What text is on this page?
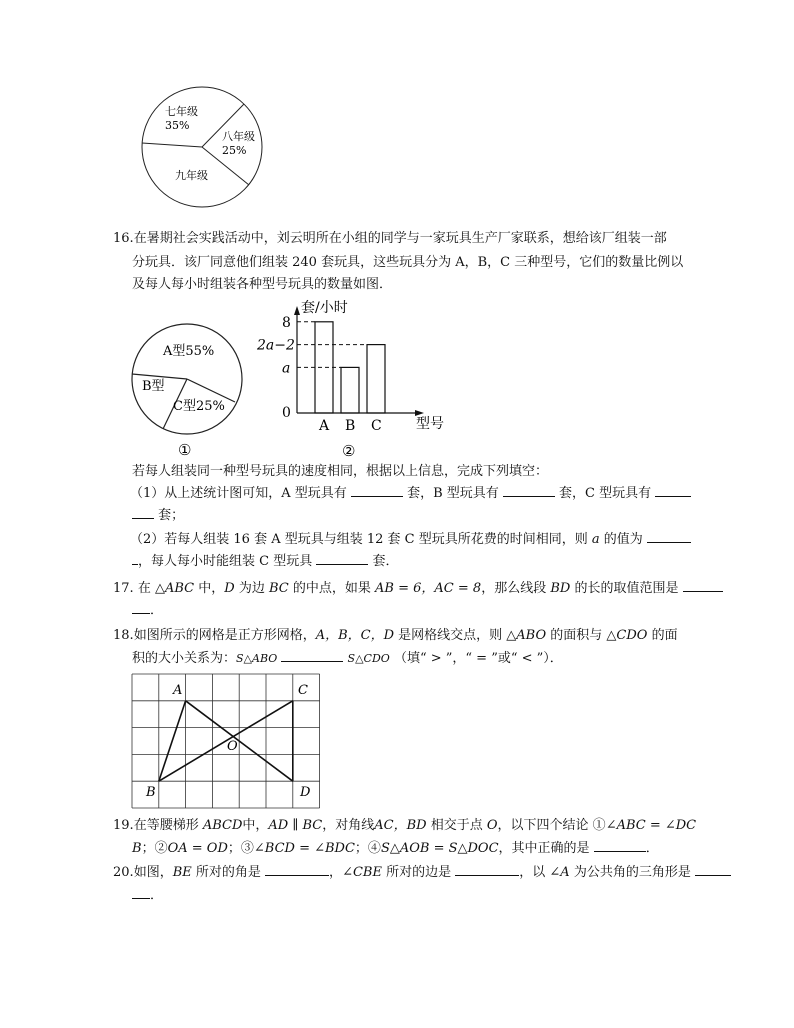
七年级
35%
八年级
25%
九年级
16.在暑期社会实践活动中，刘云明所在小组的同学与一家玩具生产厂家联系，想给该厂组装一部
分玩具．该厂同意他们组装 240 套玩具，这些玩具分为 A，B，C 三种型号，它们的数量比例以
及每人每小时组装各种型号玩具的数量如图．
A型55%
B型
C型25%
①
套/小时
型号
A B C
8
2a−2
a
0
②
若每人组装同一种型号玩具的速度相同，根据以上信息，完成下列填空：
（1）从上述统计图可知，A 型玩具有	套，B 型玩具有	套，C 型玩具有
套；
（2）若每人组装 16 套 A 型玩具与组装 12 套 C 型玩具所花费的时间相同，则 a 的值为
，每人每小时能组装 C 型玩具	套．
17. 在 △ABC 中，D 为边 BC 的中点，如果 AB = 6，AC = 8，那么线段 BD 的长的取值范围是
．
18.如图所示的网格是正方形网格，A，B，C，D 是网格线交点，则 △ABO 的面积与 △CDO 的面
积的大小关系为：S△ABO	S△CDO （填“ > ”，“ = ”或“ < ”）．
A	C
O
B	D
19.在等腰梯形 ABCD中，AD ∥ BC，对角线AC，BD 相交于点 O，以下四个结论 ①∠ABC = ∠DC
B；②OA = OD；③∠BCD = ∠BDC；④S△AOB = S△DOC，其中正确的是	．
20.如图，BE 所对的角是	，∠CBE 所对的边是	，以 ∠A 为公共角的三角形是
．
